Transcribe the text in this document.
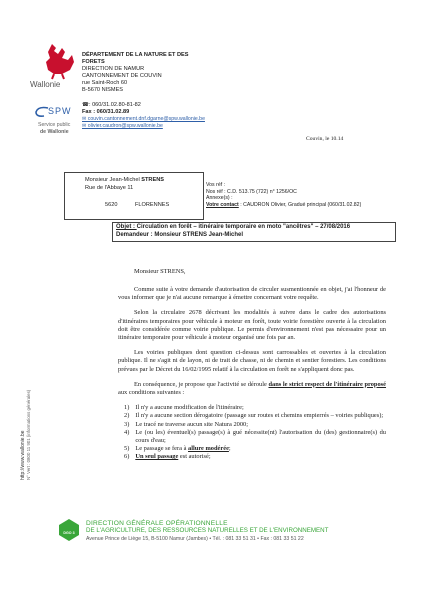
Wallonie
SPW
Service public
de Wallonie
DÉPARTEMENT DE LA NATURE ET DES
FORETS
DIRECTION DE NAMUR
CANTONNEMENT DE COUVIN
rue Saint-Roch 60
B-5670 NISMES
☎: 060/31.02.80-81-82
Fax : 060/31.02.89
✉ couvin.cantonnement.dnf.dgarne@spw.wallonie.be
✉ olivier.caudron@spw.wallonie.be
Couvin, le 10.14
Monsieur Jean-Michel STRENS
Rue de l'Abbaye 11
5620	FLORENNES
Vos réf :
Nos réf : C.D. 513.75 (722) n° 1256/OC
Annexe(s) :
Votre contact : CAUDRON Olivier, Gradué principal (060/31.02.82)
Objet : Circulation en forêt – itinéraire temporaire en moto "ancêtres" – 27/08/2016
Demandeur : Monsieur STRENS Jean-Michel
Monsieur STRENS,

Comme suite à votre demande d'autorisation de circuler susmentionnée en objet, j'ai l'honneur de vous informer que je n'ai aucune remarque à émettre concernant votre requête.

Selon la circulaire 2678 décrivant les modalités à suivre dans le cadre des autorisations d'itinéraires temporaires pour véhicule à moteur en forêt, toute voirie forestière ouverte à la circulation doit être considérée comme voirie publique. Le permis d'environnement n'est pas nécessaire pour un itinéraire temporaire pour véhicule à moteur organisé une fois par an.

Les voiries publiques dont question ci-dessus sont carrossables et ouvertes à la circulation publique. Il ne s'agit ni de layon, ni de trait de chasse, ni de chemin et sentier forestiers. Les conditions prévues par le Décret du 16/02/1995 relatif à la circulation en forêt ne s'appliquent donc pas.

En conséquence, je propose que l'activité se déroule dans le strict respect de l'itinéraire proposé aux conditions suivantes :

1) Il n'y a aucune modification de l'itinéraire;
2) Il n'y a aucune section dérogatoire (passage sur routes et chemins empierrés – voiries publiques);
3) Le tracé ne traverse aucun site Natura 2000;
4) Le (ou les) éventuel(s) passage(s) à gué nécessite(nt) l'autorisation du (des) gestionnaire(s) du cours d'eau;
5) Le passage se fera à allure modérée;
6) Un seul passage est autorisé;
http://www.wallonie.be N° Vert : 0800 11 901 (informations générales)
DGO 3
DIRECTION GÉNÉRALE OPÉRATIONNELLE
DE L'AGRICULTURE, DES RESSOURCES NATURELLES ET DE L'ENVIRONNEMENT
Avenue Prince de Liège 15, B-5100 Namur (Jambes) • Tél. : 081 33 51 31 • Fax : 081 33 51 22
